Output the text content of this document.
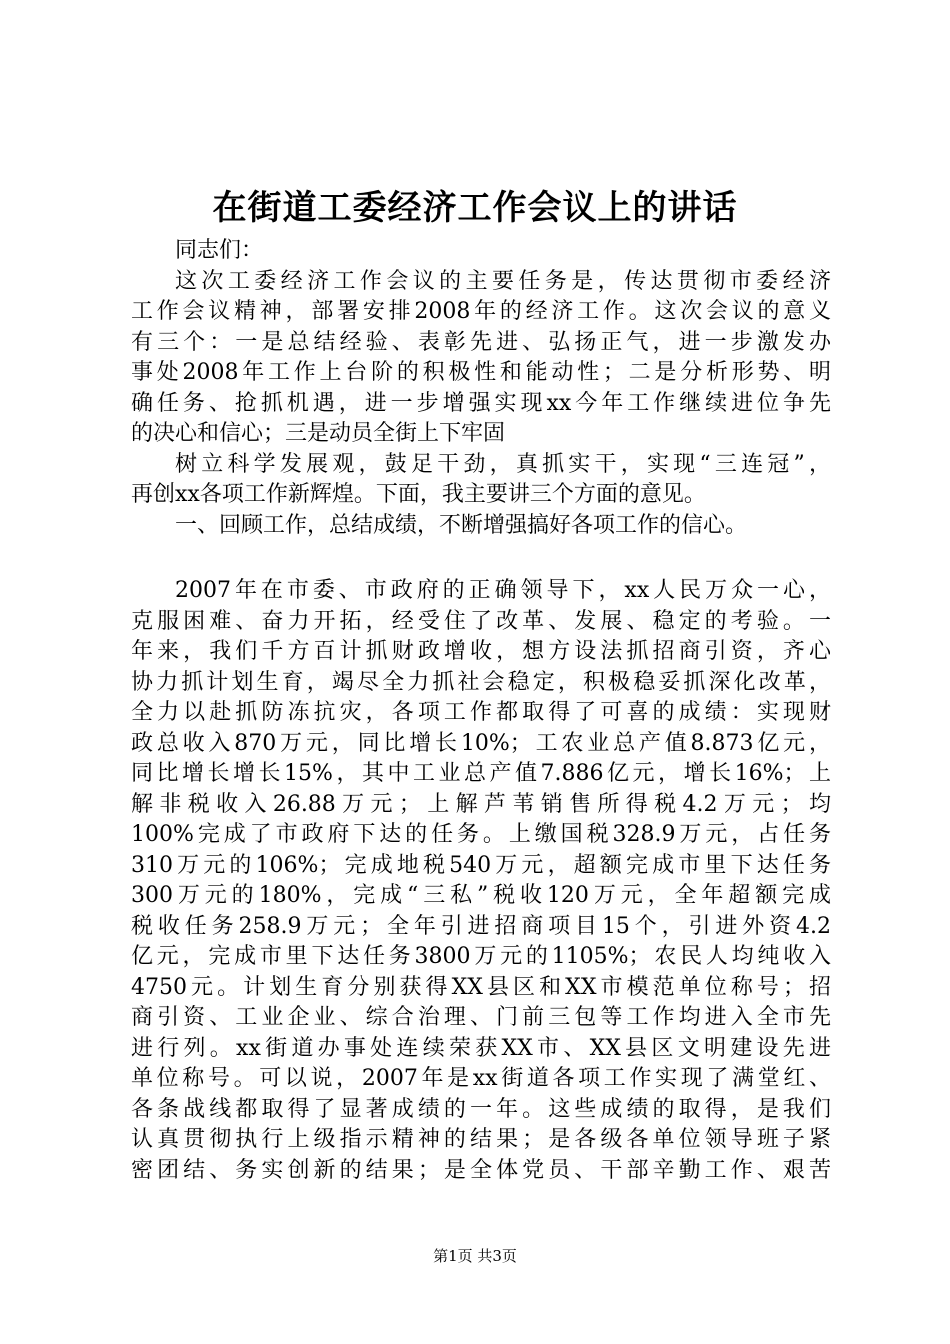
在街道工委经济工作会议上的讲话
同志们：
这次工委经济工作会议的主要任务是，传达贯彻市委经济
工作会议精神，部署安排2008年的经济工作。这次会议的意义
有三个：一是总结经验、表彰先进、弘扬正气，进一步激发办
事处2008年工作上台阶的积极性和能动性；二是分析形势、明
确任务、抢抓机遇，进一步增强实现xx今年工作继续进位争先
的决心和信心；三是动员全街上下牢固
树立科学发展观，鼓足干劲，真抓实干，实现“三连冠”，
再创xx各项工作新辉煌。下面，我主要讲三个方面的意见。
一、回顾工作，总结成绩，不断增强搞好各项工作的信心。
2007年在市委、市政府的正确领导下，xx人民万众一心，
克服困难、奋力开拓，经受住了改革、发展、稳定的考验。一
年来，我们千方百计抓财政增收，想方设法抓招商引资，齐心
协力抓计划生育，竭尽全力抓社会稳定，积极稳妥抓深化改革，
全力以赴抓防冻抗灾，各项工作都取得了可喜的成绩：实现财
政总收入870万元，同比增长10%；工农业总产值8.873亿元，
同比增长增长15%，其中工业总产值7.886亿元，增长16%；上
解非税收入26.88万元；上解芦苇销售所得税4.2万元；均
100%完成了市政府下达的任务。上缴国税328.9万元，占任务
310万元的106%；完成地税540万元，超额完成市里下达任务
300万元的180%，完成“三私”税收120万元，全年超额完成
税收任务258.9万元；全年引进招商项目15个，引进外资4.2
亿元，完成市里下达任务3800万元的1105%；农民人均纯收入
4750元。计划生育分别获得XX县区和XX市模范单位称号；招
商引资、工业企业、综合治理、门前三包等工作均进入全市先
进行列。xx街道办事处连续荣获XX市、XX县区文明建设先进
单位称号。可以说，2007年是xx街道各项工作实现了满堂红、
各条战线都取得了显著成绩的一年。这些成绩的取得，是我们
认真贯彻执行上级指示精神的结果；是各级各单位领导班子紧
密团结、务实创新的结果；是全体党员、干部辛勤工作、艰苦
第1页 共3页
